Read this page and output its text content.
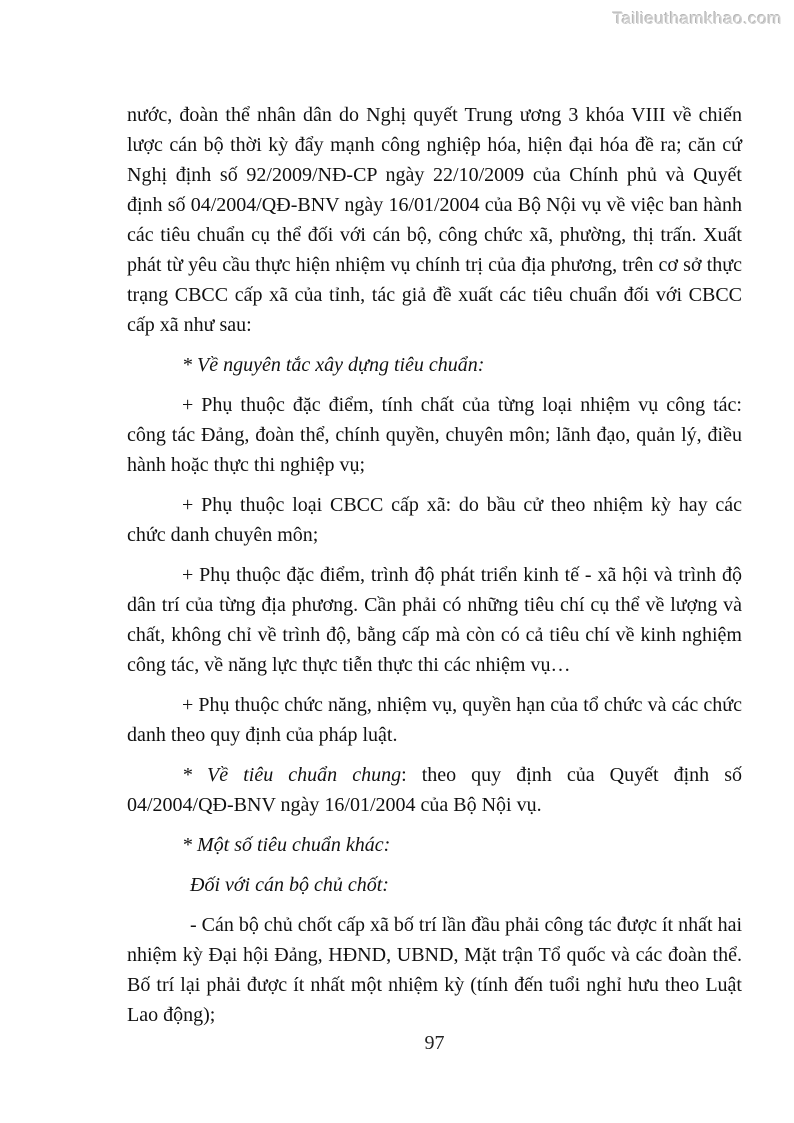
Tailieuthamkhao.com

nước, đoàn thể nhân dân do Nghị quyết Trung ương 3 khóa VIII về chiến lược cán bộ thời kỳ đẩy mạnh công nghiệp hóa, hiện đại hóa đề ra; căn cứ Nghị định số 92/2009/NĐ-CP ngày 22/10/2009 của Chính phủ và Quyết định số 04/2004/QĐ-BNV ngày 16/01/2004 của Bộ Nội vụ về việc ban hành các tiêu chuẩn cụ thể đối với cán bộ, công chức xã, phường, thị trấn. Xuất phát từ yêu cầu thực hiện nhiệm vụ chính trị của địa phương, trên cơ sở thực trạng CBCC cấp xã của tỉnh, tác giả đề xuất các tiêu chuẩn đối với CBCC cấp xã như sau:

* Về nguyên tắc xây dựng tiêu chuẩn:

+ Phụ thuộc đặc điểm, tính chất của từng loại nhiệm vụ công tác: công tác Đảng, đoàn thể, chính quyền, chuyên môn; lãnh đạo, quản lý, điều hành hoặc thực thi nghiệp vụ;

+ Phụ thuộc loại CBCC cấp xã: do bầu cử theo nhiệm kỳ hay các chức danh chuyên môn;

+ Phụ thuộc đặc điểm, trình độ phát triển kinh tế - xã hội và trình độ dân trí của từng địa phương. Cần phải có những tiêu chí cụ thể về lượng và chất, không chỉ về trình độ, bằng cấp mà còn có cả tiêu chí về kinh nghiệm công tác, về năng lực thực tiễn thực thi các nhiệm vụ…

+ Phụ thuộc chức năng, nhiệm vụ, quyền hạn của tổ chức và các chức danh theo quy định của pháp luật.

* Về tiêu chuẩn chung: theo quy định của Quyết định số 04/2004/QĐ-BNV ngày 16/01/2004 của Bộ Nội vụ.

* Một số tiêu chuẩn khác:

Đối với cán bộ chủ chốt:

- Cán bộ chủ chốt cấp xã bố trí lần đầu phải công tác được ít nhất hai nhiệm kỳ Đại hội Đảng, HĐND, UBND, Mặt trận Tổ quốc và các đoàn thể. Bố trí lại phải được ít nhất một nhiệm kỳ (tính đến tuổi nghỉ hưu theo Luật Lao động);

97
